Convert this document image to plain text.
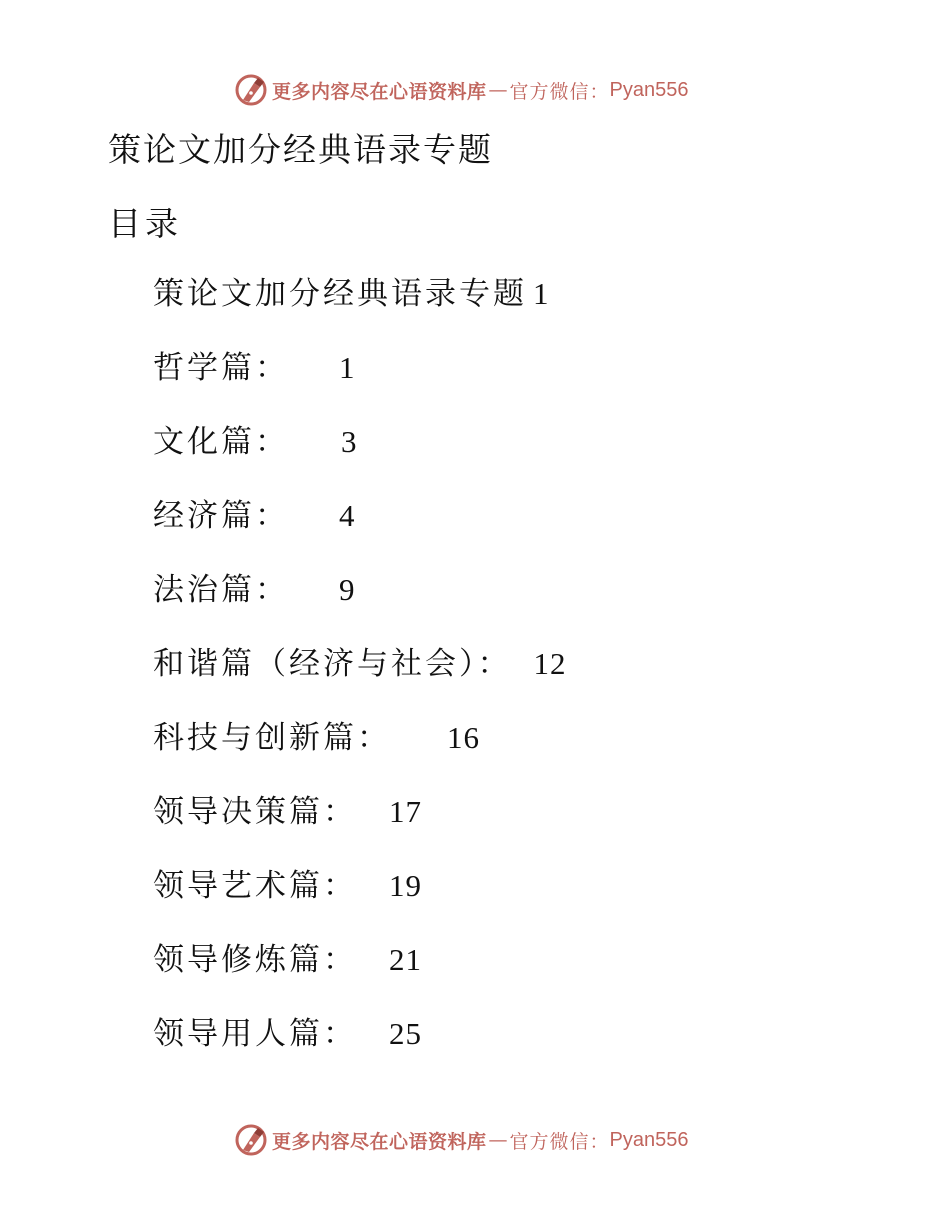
更多内容尽在心语资料库 — 官方微信： Pyan556
策论文加分经典语录专题
目录
策论文加分经典语录专题 1
哲学篇： 1
文化篇： 3
经济篇： 4
法治篇： 9
和谐篇（经济与社会）： 12
科技与创新篇： 16
领导决策篇： 17
领导艺术篇： 19
领导修炼篇： 21
领导用人篇： 25
更多内容尽在心语资料库 — 官方微信： Pyan556
